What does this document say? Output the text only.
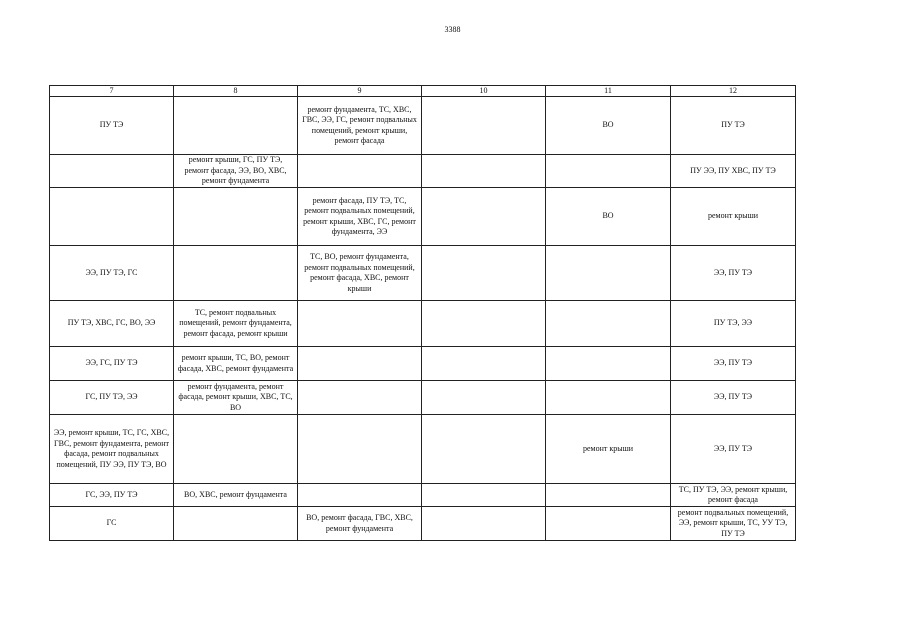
3388
7	8	9	10	11	12
ПУ ТЭ		ремонт фундамента, ТС, ХВС, ГВС, ЭЭ, ГС, ремонт подвальных помещений, ремонт крыши, ремонт фасада		ВО	ПУ ТЭ
	ремонт крыши, ГС, ПУ ТЭ, ремонт фасада, ЭЭ, ВО, ХВС, ремонт фундамента				ПУ ЭЭ, ПУ ХВС, ПУ ТЭ
		ремонт фасада, ПУ ТЭ, ТС, ремонт подвальных помещений, ремонт крыши, ХВС, ГС, ремонт фундамента, ЭЭ		ВО	ремонт крыши
ЭЭ, ПУ ТЭ, ГС		ТС, ВО, ремонт фундамента, ремонт подвальных помещений, ремонт фасада, ХВС, ремонт крыши			ЭЭ, ПУ ТЭ
ПУ ТЭ, ХВС, ГС, ВО, ЭЭ	ТС, ремонт подвальных помещений, ремонт фундамента, ремонт фасада, ремонт крыши				ПУ ТЭ, ЭЭ
ЭЭ, ГС, ПУ ТЭ	ремонт крыши, ТС, ВО, ремонт фасада, ХВС, ремонт фундамента				ЭЭ, ПУ ТЭ
ГС, ПУ ТЭ, ЭЭ	ремонт фундамента, ремонт фасада, ремонт крыши, ХВС, ТС, ВО				ЭЭ, ПУ ТЭ
ЭЭ, ремонт крыши, ТС, ГС, ХВС, ГВС, ремонт фундамента, ремонт фасада, ремонт подвальных помещений, ПУ ЭЭ, ПУ ТЭ, ВО				ремонт крыши	ЭЭ, ПУ ТЭ
ГС, ЭЭ, ПУ ТЭ	ВО, ХВС, ремонт фундамента				ТС, ПУ ТЭ, ЭЭ, ремонт крыши, ремонт фасада
ГС		ВО, ремонт фасада, ГВС, ХВС, ремонт фундамента			ремонт подвальных помещений, ЭЭ, ремонт крыши, ТС, УУ ТЭ, ПУ ТЭ
